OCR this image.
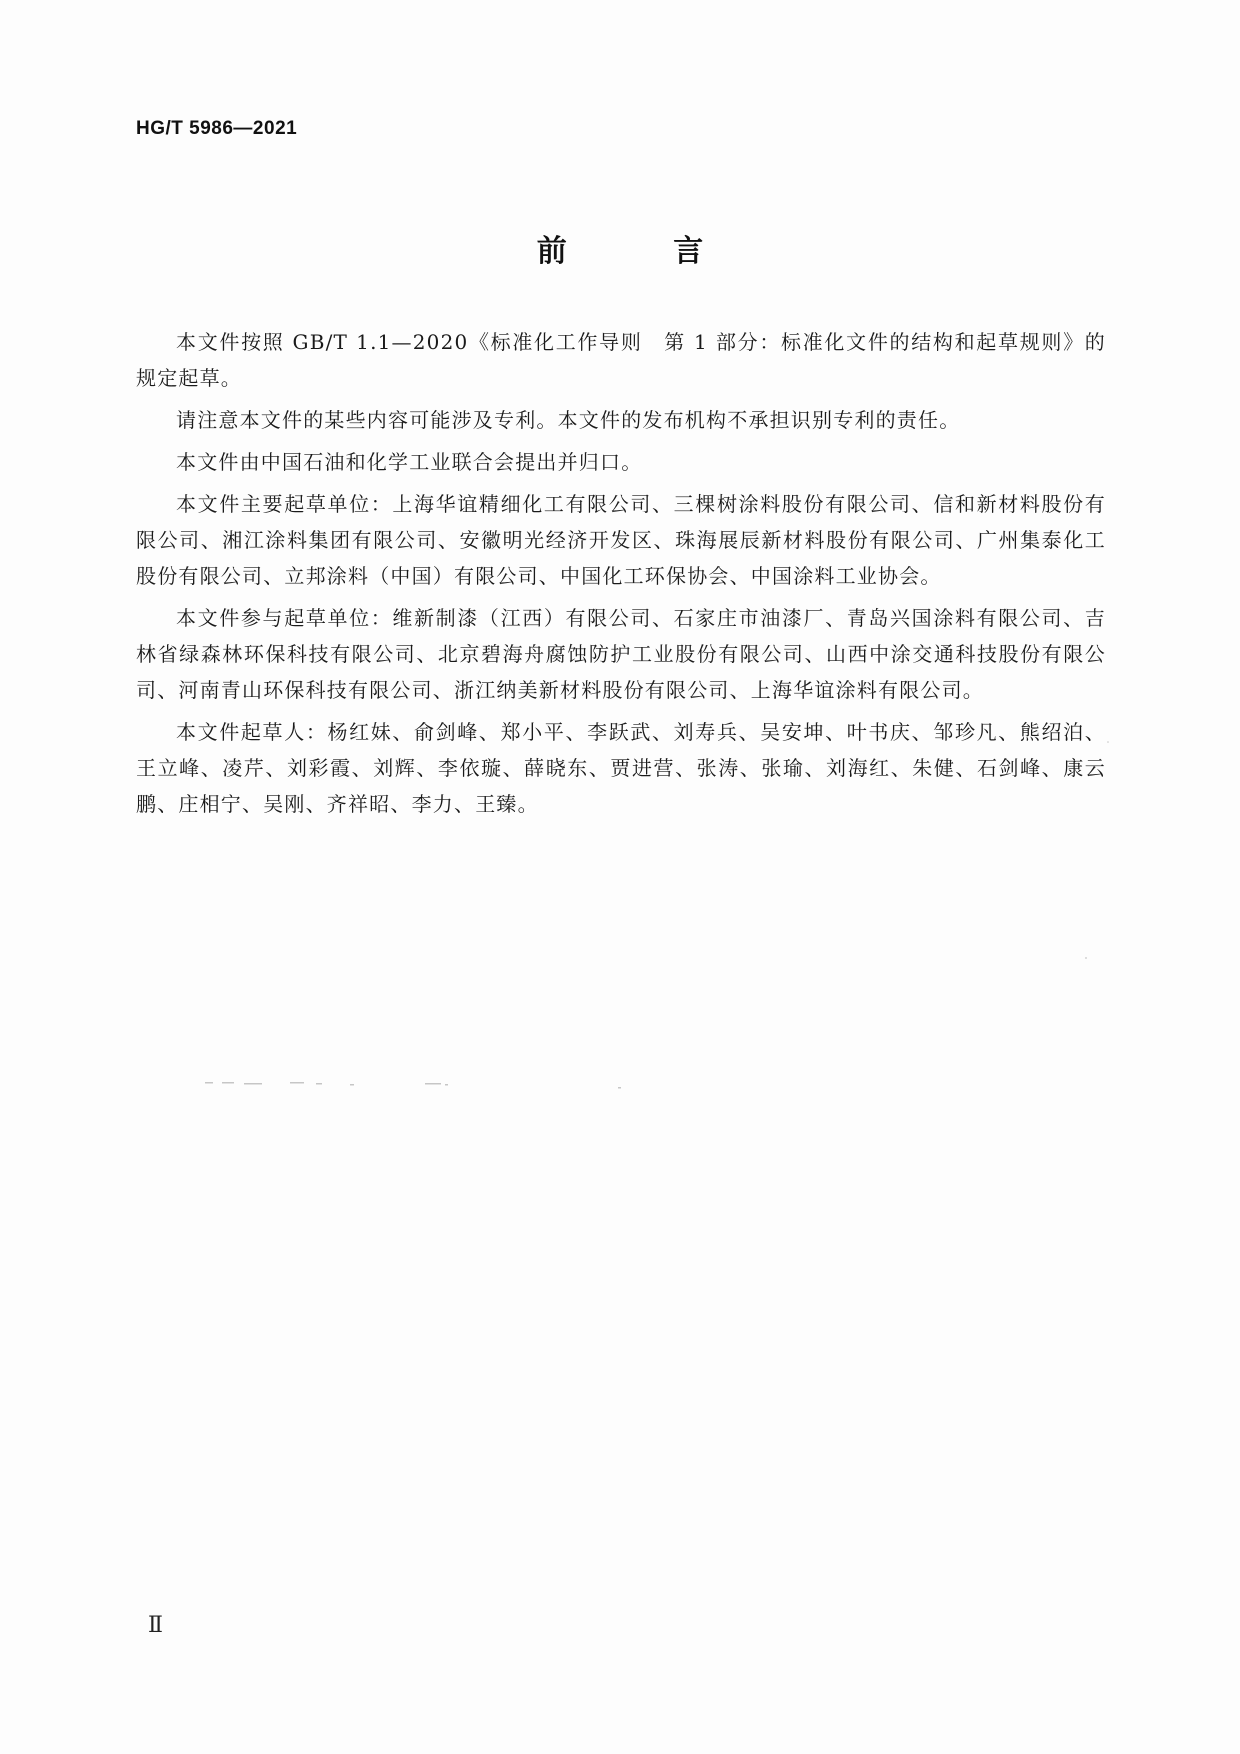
HG/T 5986—2021
前 言

本文件按照 GB/T 1.1—2020《标准化工作导则　第 1 部分：标准化文件的结构和起草规则》的规定起草。

请注意本文件的某些内容可能涉及专利。本文件的发布机构不承担识别专利的责任。

本文件由中国石油和化学工业联合会提出并归口。

本文件主要起草单位：上海华谊精细化工有限公司、三棵树涂料股份有限公司、信和新材料股份有限公司、湘江涂料集团有限公司、安徽明光经济开发区、珠海展辰新材料股份有限公司、广州集泰化工股份有限公司、立邦涂料（中国）有限公司、中国化工环保协会、中国涂料工业协会。

本文件参与起草单位：维新制漆（江西）有限公司、石家庄市油漆厂、青岛兴国涂料有限公司、吉林省绿森林环保科技有限公司、北京碧海舟腐蚀防护工业股份有限公司、山西中涂交通科技股份有限公司、河南青山环保科技有限公司、浙江纳美新材料股份有限公司、上海华谊涂料有限公司。

本文件起草人：杨红妹、俞剑峰、郑小平、李跃武、刘寿兵、吴安坤、叶书庆、邹珍凡、熊绍泊、王立峰、凌芹、刘彩霞、刘辉、李依璇、薛晓东、贾进营、张涛、张瑜、刘海红、朱健、石剑峰、康云鹏、庄相宁、吴刚、齐祥昭、李力、王臻。

Ⅱ
